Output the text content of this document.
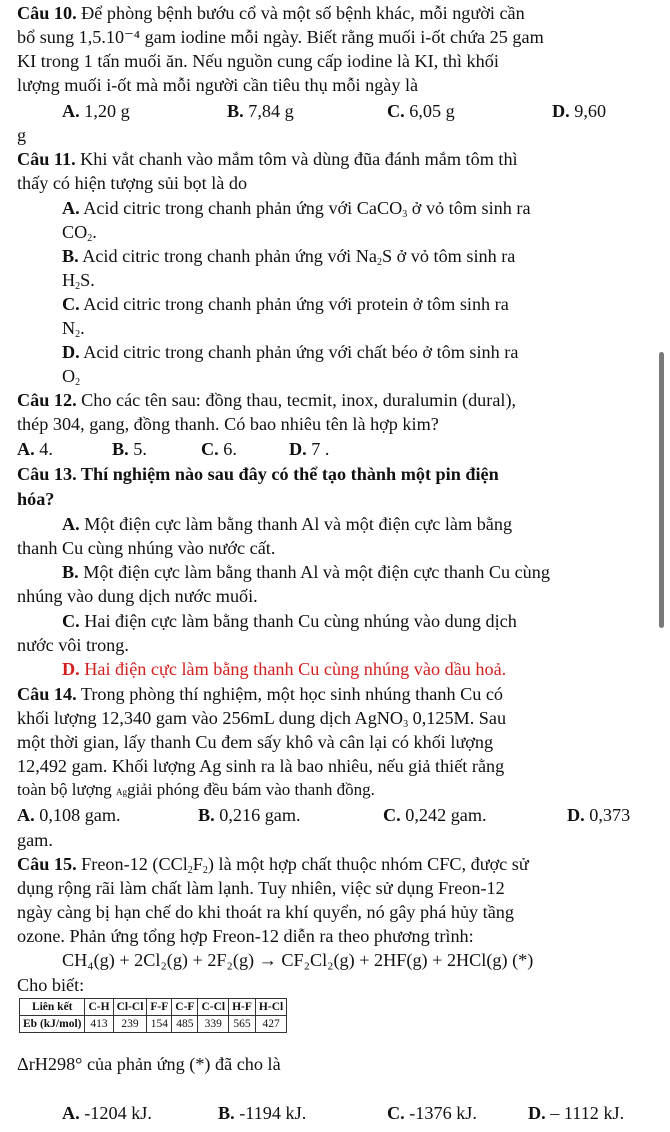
Câu 10. Để phòng bệnh bướu cổ và một số bệnh khác, mỗi người cần
bổ sung 1,5.10⁻⁴ gam iodine mỗi ngày. Biết rằng muối i-ốt chứa 25 gam
KI trong 1 tấn muối ăn. Nếu nguồn cung cấp iodine là KI, thì khối
lượng muối i-ốt mà mỗi người cần tiêu thụ mỗi ngày là
A. 1,20 g	B. 7,84 g	C. 6,05 g	D. 9,60
g
Câu 11. Khi vắt chanh vào mắm tôm và dùng đũa đánh mắm tôm thì
thấy có hiện tượng sủi bọt là do
A. Acid citric trong chanh phản ứng với CaCO$_3$ ở vỏ tôm sinh ra
$CO_2$.
B. Acid citric trong chanh phản ứng với $Na_2S$ ở vỏ tôm sinh ra
$H_2S$.
C. Acid citric trong chanh phản ứng với protein ở tôm sinh ra
$N_2$.
D. Acid citric trong chanh phản ứng với chất béo ở tôm sinh ra
$O_2$
Câu 12. Cho các tên sau: đồng thau, tecmit, inox, duralumin (dural),
thép 304, gang, đồng thanh. Có bao nhiêu tên là hợp kim?
A. 4.	B. 5.	C. 6.	D. 7 .
Câu 13. Thí nghiệm nào sau đây có thể tạo thành một pin điện
hóa?
A. Một điện cực làm bằng thanh Al và một điện cực làm bằng
thanh Cu cùng nhúng vào nước cất.
B. Một điện cực làm bằng thanh Al và một điện cực thanh Cu cùng
nhúng vào dung dịch nước muối.
C. Hai điện cực làm bằng thanh Cu cùng nhúng vào dung dịch
nước vôi trong.
D. Hai điện cực làm bằng thanh Cu cùng nhúng vào dầu hoả.
Câu 14. Trong phòng thí nghiệm, một học sinh nhúng thanh Cu có
khối lượng 12,340 gam vào 256mL dung dịch AgNO$_3$ 0,125M. Sau
một thời gian, lấy thanh Cu đem sấy khô và cân lại có khối lượng
12,492 gam. Khối lượng Ag sinh ra là bao nhiêu, nếu giả thiết rằng
toàn bộ lượng Aggiải phóng đều bám vào thanh đồng.
A. 0,108 gam.	B. 0,216 gam.	C. 0,242 gam.	D. 0,373
gam.
Câu 15. Freon-12 $(CCl_2F_2)$ là một hợp chất thuộc nhóm CFC, được sử
dụng rộng rãi làm chất làm lạnh. Tuy nhiên, việc sử dụng Freon-12
ngày càng bị hạn chế do khi thoát ra khí quyển, nó gây phá hủy tầng
ozone. Phản ứng tổng hợp Freon-12 diễn ra theo phương trình:
CH₄(g) + 2Cl₂(g) + 2F₂(g) → CF₂Cl₂(g) + 2HF(g) + 2HCl(g) (*)
Cho biết:
Liên kết	C-H	Cl-Cl	F-F	C-F	C-Cl	H-F	H-Cl
Eb (kJ/mol)	413	239	154	485	339	565	427
ΔrH298° của phản ứng (*) đã cho là
A. -1204 kJ.	B. -1194 kJ.	C. -1376 kJ.	D. – 1112 kJ.
